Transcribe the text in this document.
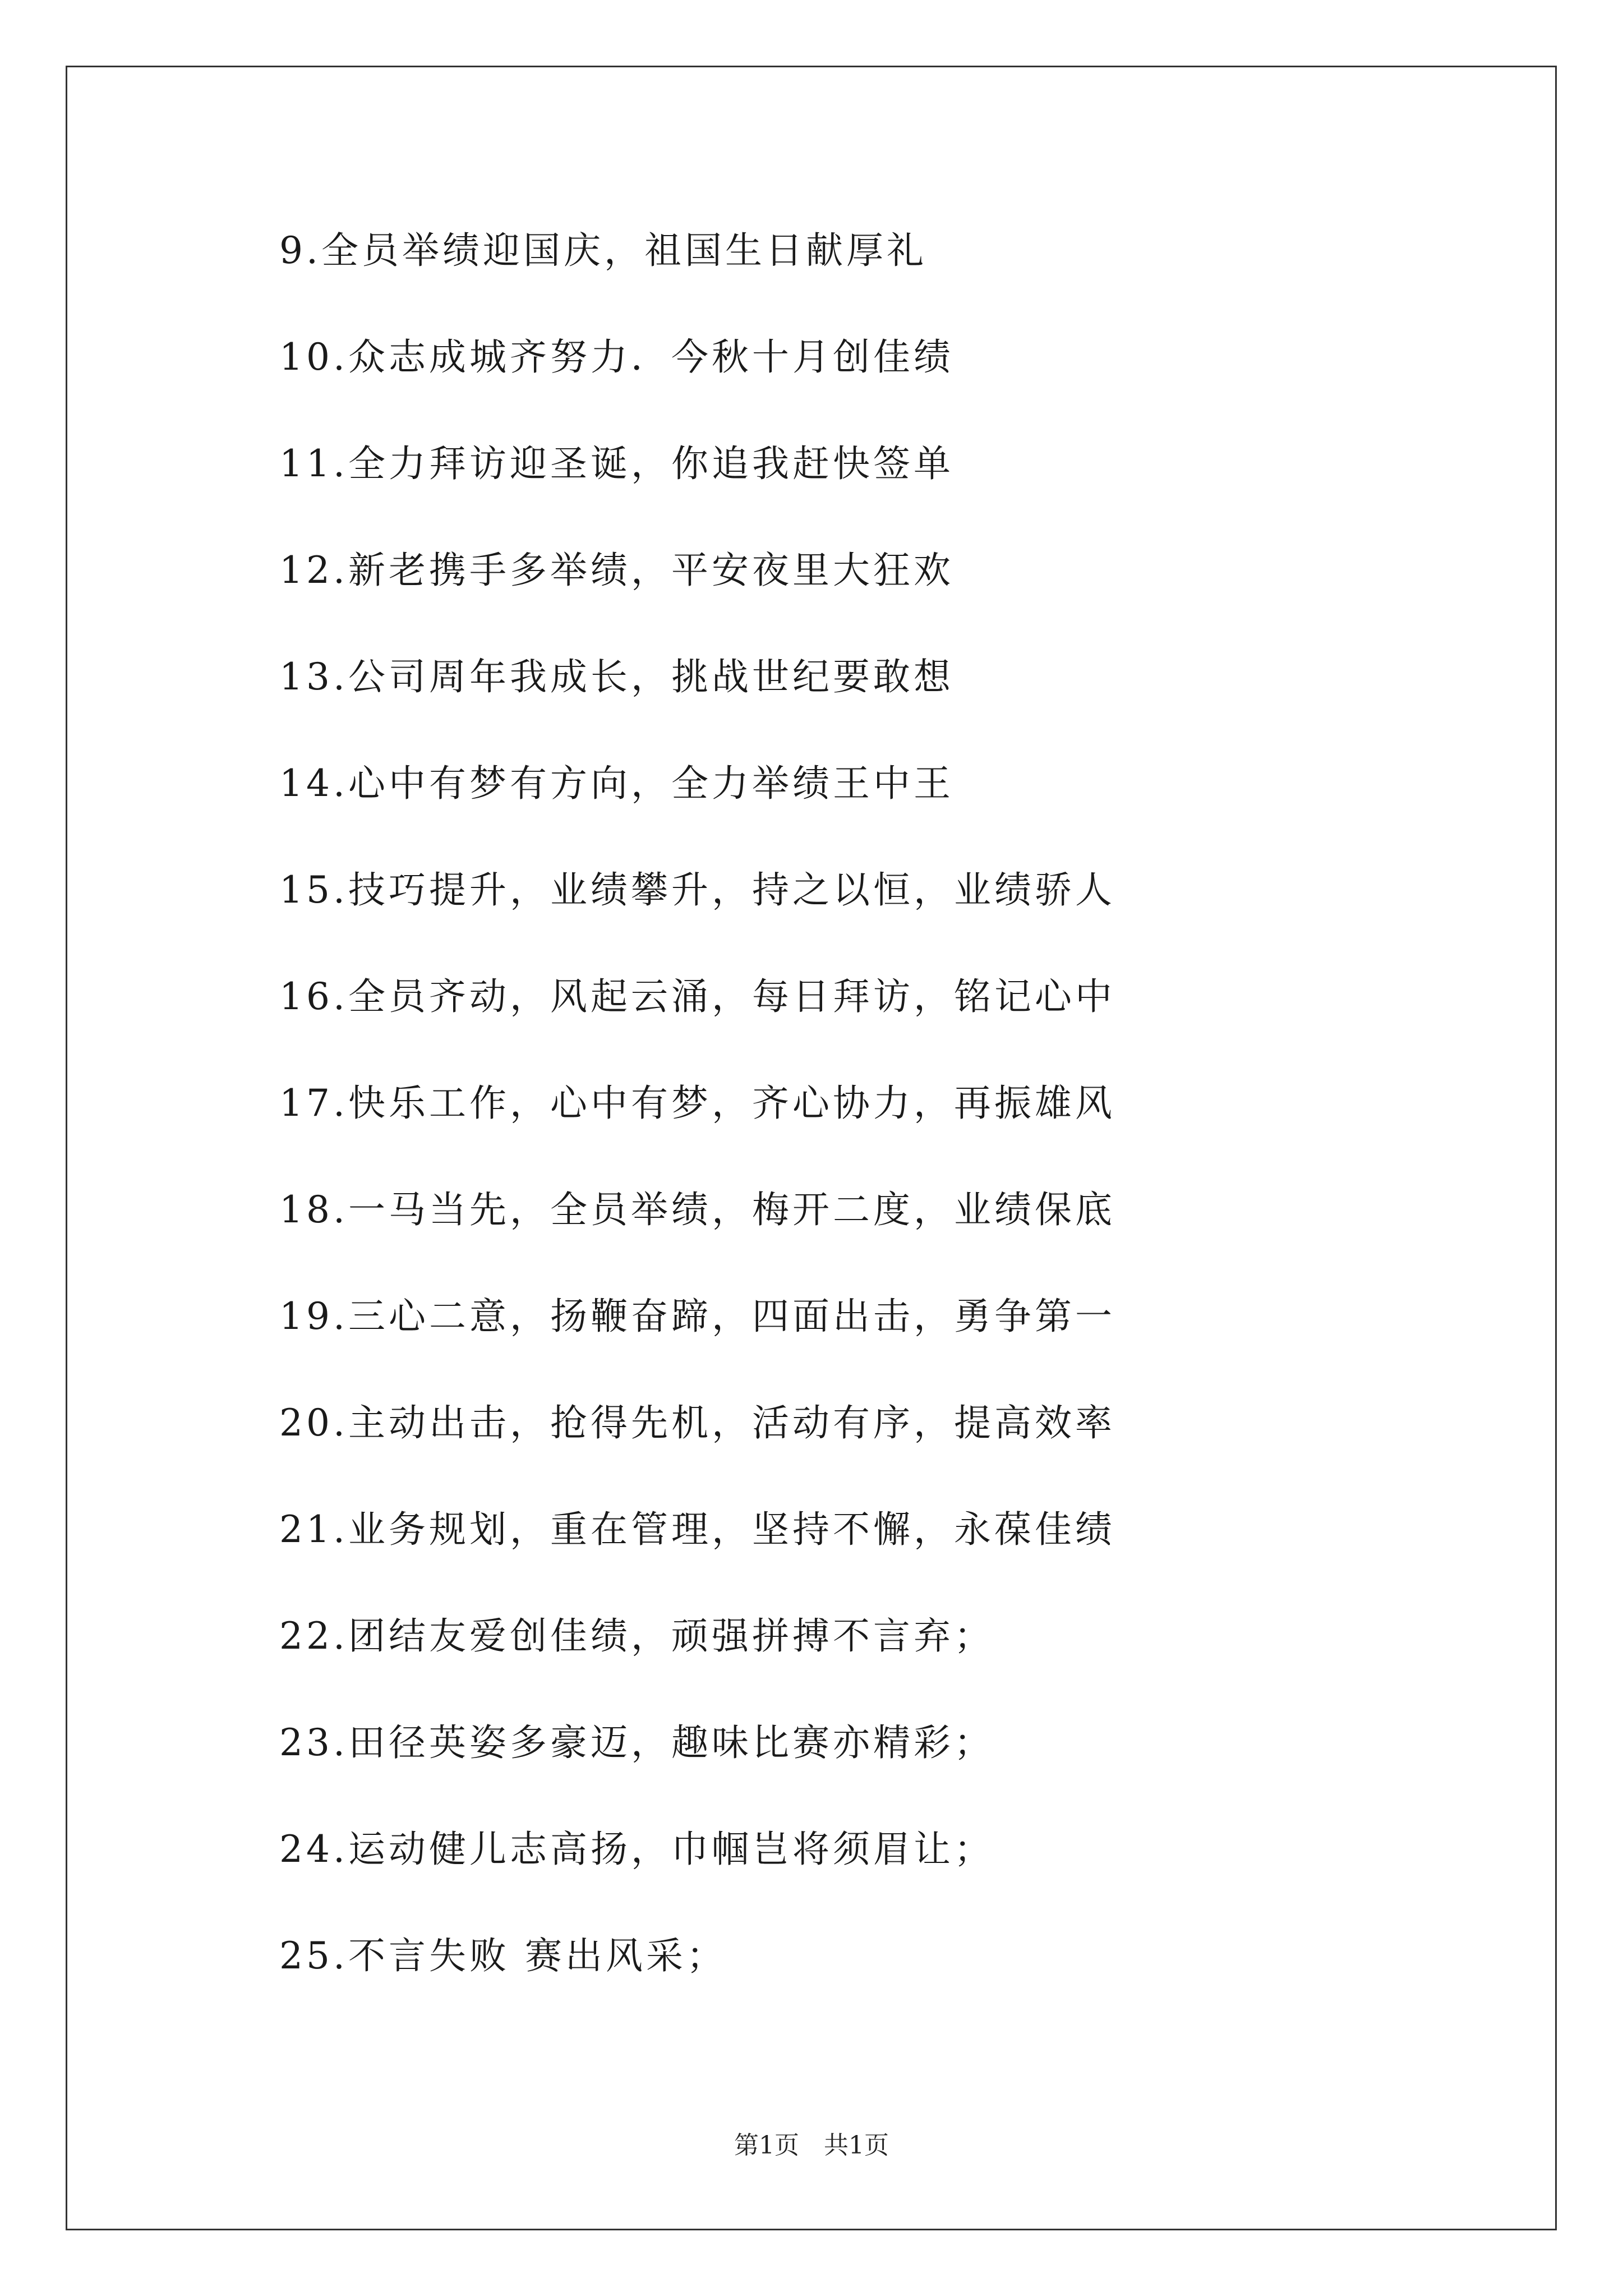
9.全员举绩迎国庆，祖国生日献厚礼
10.众志成城齐努力．今秋十月创佳绩
11.全力拜访迎圣诞，你追我赶快签单
12.新老携手多举绩，平安夜里大狂欢
13.公司周年我成长，挑战世纪要敢想
14.心中有梦有方向，全力举绩王中王
15.技巧提升，业绩攀升，持之以恒，业绩骄人
16.全员齐动，风起云涌，每日拜访，铭记心中
17.快乐工作，心中有梦，齐心协力，再振雄风
18.一马当先，全员举绩，梅开二度，业绩保底
19.三心二意，扬鞭奋蹄，四面出击，勇争第一
20.主动出击，抢得先机，活动有序，提高效率
21.业务规划，重在管理，坚持不懈，永葆佳绩
22.团结友爱创佳绩，顽强拼搏不言弃；
23.田径英姿多豪迈，趣味比赛亦精彩；
24.运动健儿志高扬，巾帼岂将须眉让；
25.不言失败 赛出风采；
第1页　共1页
